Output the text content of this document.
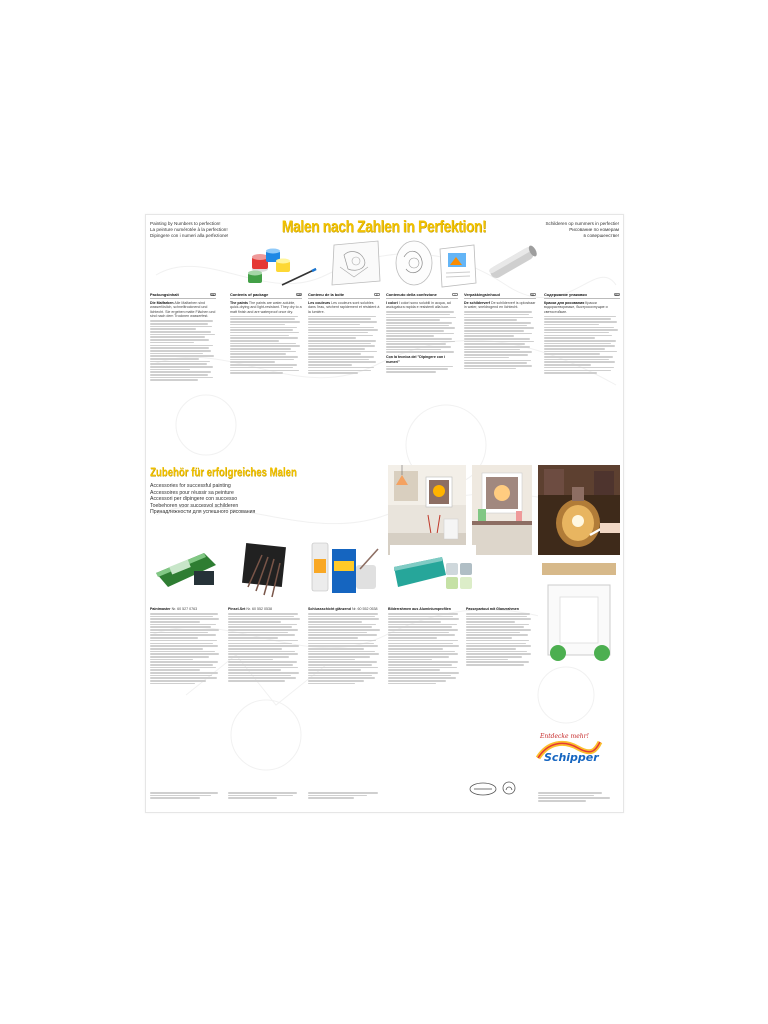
Painting by Numbers to perfection!
La peinture numérotée à la perfection!
Dipingere con i numeri alla perfezione!	Malen nach Zahlen in Perfektion!	Schilderen op nummers in perfectie!
Рисование по номерам
в совершенстве!
Packungsinhalt	DE

Die Malfarben Alle Malfarben sind wasserlöslich, schnelltrocknend und lichtecht. Sie ergeben matte Flächen und sind nach dem Trocknen wasserfest.

Contents of package	GB

The paints The paints are water-soluble, quick-drying and light-resistant. They dry to a matt finish and are waterproof once dry.

Contenu de la boîte	F

Les couleurs Les couleurs sont solubles dans l'eau, sèchent rapidement et résistent à la lumière.

Contenuto della confezione	I

I colori I colori sono solubili in acqua, ad asciugatura rapida e resistenti alla luce.

Con la tecnica del "Dipingere con i numeri"

Verpakkingsinhoud	NL

De schilderverf De schilderverf is oplosbaar in water, sneldrogend en lichtecht.

Содержание упаковки	RU

Краски для рисования Краски водорастворимые, быстросохнущие и светостойкие.

Zubehör für erfolgreiches Malen
Accessories for successful painting
Accessoires pour réussir sa peinture
Accessori per dipingere con successo
Toebehoren voor succesvol schilderen
Принадлежности для успешного рисования

Paintmaster Nr. 60 527 0763	Pinsel-Set Nr. 60 552 0538	Schlussschicht glänzend Nr. 60 552 0538	Bilderrahmen aus Aluminiumprofilen	Passepartout mit Glanzrahmen

Entdecke mehr!
Schipper
